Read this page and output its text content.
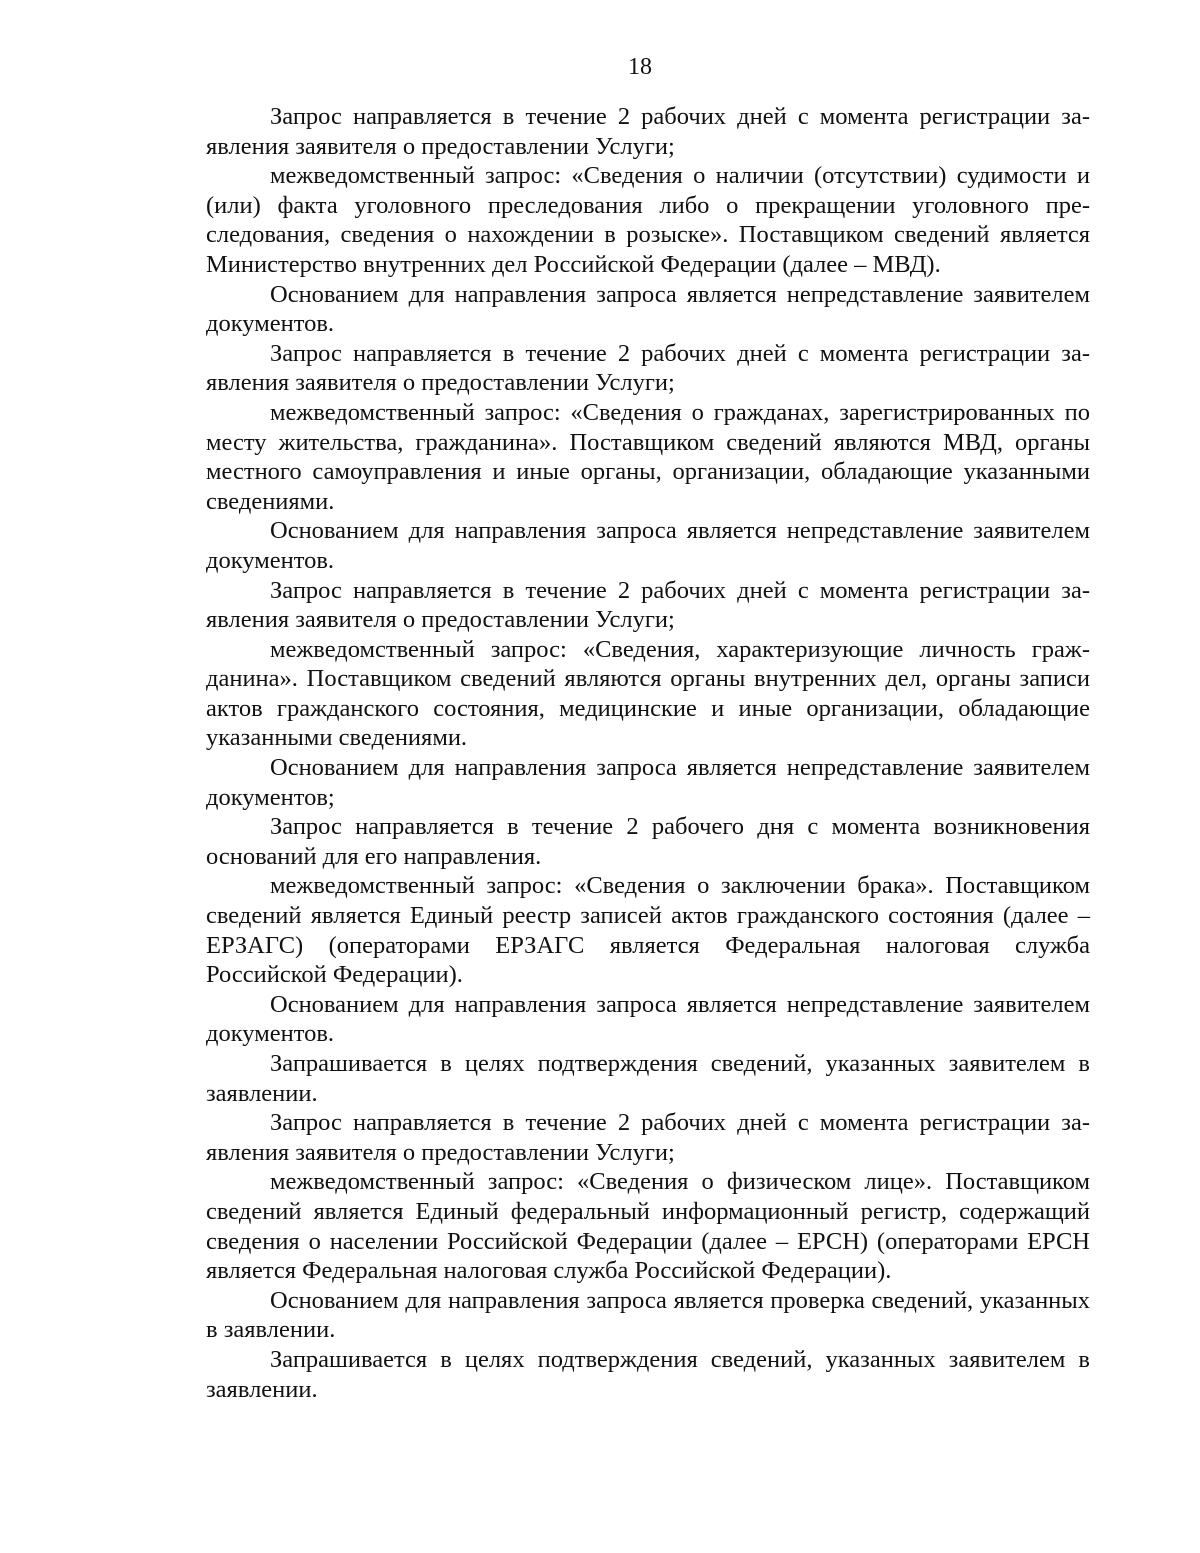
18

Запрос направляется в течение 2 рабочих дней с момента регистрации заявления заявителя о предоставлении Услуги;

межведомственный запрос: «Сведения о наличии (отсутствии) судимости и (или) факта уголовного преследования либо о прекращении уголовного преследования, сведения о нахождении в розыске». Поставщиком сведений является Министерство внутренних дел Российской Федерации (далее – МВД).

Основанием для направления запроса является непредставление заявителем документов.

Запрос направляется в течение 2 рабочих дней с момента регистрации заявления заявителя о предоставлении Услуги;

межведомственный запрос: «Сведения о гражданах, зарегистрированных по месту жительства, гражданина». Поставщиком сведений являются МВД, органы местного самоуправления и иные органы, организации, обладающие указанными сведениями.

Основанием для направления запроса является непредставление заявителем документов.

Запрос направляется в течение 2 рабочих дней с момента регистрации заявления заявителя о предоставлении Услуги;

межведомственный запрос: «Сведения, характеризующие личность гражданина». Поставщиком сведений являются органы внутренних дел, органы записи актов гражданского состояния, медицинские и иные организации, обладающие указанными сведениями.

Основанием для направления запроса является непредставление заявителем документов;

Запрос направляется в течение 2 рабочего дня с момента возникновения оснований для его направления.

межведомственный запрос: «Сведения о заключении брака». Поставщиком сведений является Единый реестр записей актов гражданского состояния (далее – ЕРЗАГС) (операторами ЕРЗАГС является Федеральная налоговая служба Российской Федерации).

Основанием для направления запроса является непредставление заявителем документов.

Запрашивается в целях подтверждения сведений, указанных заявителем в заявлении.

Запрос направляется в течение 2 рабочих дней с момента регистрации заявления заявителя о предоставлении Услуги;

межведомственный запрос: «Сведения о физическом лице». Поставщиком сведений является Единый федеральный информационный регистр, содержащий сведения о населении Российской Федерации (далее – ЕРСН) (операторами ЕРСН является Федеральная налоговая служба Российской Федерации).

Основанием для направления запроса является проверка сведений, указанных в заявлении.

Запрашивается в целях подтверждения сведений, указанных заявителем в заявлении.
